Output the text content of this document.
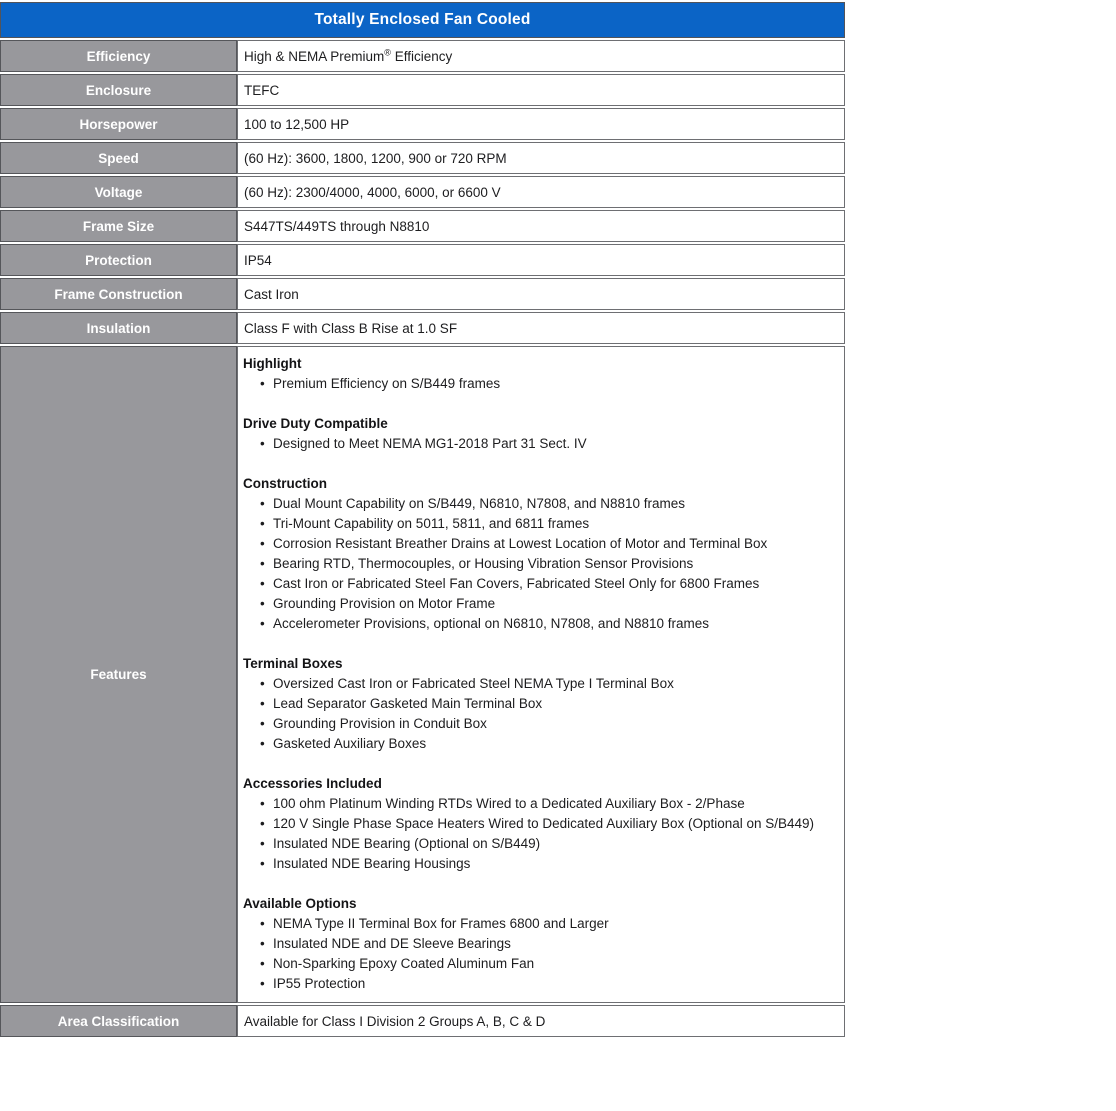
Totally Enclosed Fan Cooled	
Efficiency	High & NEMA Premium® Efficiency
Enclosure	TEFC
Horsepower	100 to 12,500 HP
Speed	(60 Hz): 3600, 1800, 1200, 900 or 720 RPM
Voltage	(60 Hz): 2300/4000, 4000, 6000, or 6600 V
Frame Size	S447TS/449TS through N8810
Protection	IP54
Frame Construction	Cast Iron
Insulation	Class F with Class B Rise at 1.0 SF
Features	
Highlight
• Premium Efficiency on S/B449 frames
Drive Duty Compatible
• Designed to Meet NEMA MG1-2018 Part 31 Sect. IV
Construction
• Dual Mount Capability on S/B449, N6810, N7808, and N8810 frames
• Tri-Mount Capability on 5011, 5811, and 6811 frames
• Corrosion Resistant Breather Drains at Lowest Location of Motor and Terminal Box
• Bearing RTD, Thermocouples, or Housing Vibration Sensor Provisions
• Cast Iron or Fabricated Steel Fan Covers, Fabricated Steel Only for 6800 Frames
• Grounding Provision on Motor Frame
• Accelerometer Provisions, optional on N6810, N7808, and N8810 frames
Terminal Boxes
• Oversized Cast Iron or Fabricated Steel NEMA Type I Terminal Box
• Lead Separator Gasketed Main Terminal Box
• Grounding Provision in Conduit Box
• Gasketed Auxiliary Boxes
Accessories Included
• 100 ohm Platinum Winding RTDs Wired to a Dedicated Auxiliary Box - 2/Phase
• 120 V Single Phase Space Heaters Wired to Dedicated Auxiliary Box (Optional on S/B449)
• Insulated NDE Bearing (Optional on S/B449)
• Insulated NDE Bearing Housings
Available Options
• NEMA Type II Terminal Box for Frames 6800 and Larger
• Insulated NDE and DE Sleeve Bearings
• Non-Sparking Epoxy Coated Aluminum Fan
• IP55 Protection

Area Classification	Available for Class I Division 2 Groups A, B, C & D
